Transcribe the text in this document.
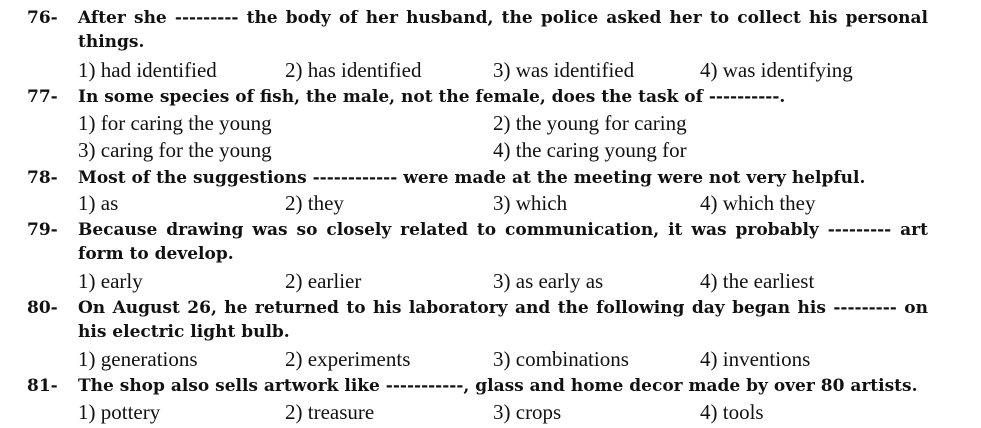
76- After she --------- the body of her husband, the police asked her to collect his personal things.
1) had identified	2) has identified	3) was identified	4) was identifying
77- In some species of fish, the male, not the female, does the task of ----------.
1) for caring the young	2) the young for caring
3) caring for the young	4) the caring young for
78- Most of the suggestions ------------ were made at the meeting were not very helpful.
1) as	2) they	3) which	4) which they
79- Because drawing was so closely related to communication, it was probably --------- art form to develop.
1) early	2) earlier	3) as early as	4) the earliest
80- On August 26, he returned to his laboratory and the following day began his --------- on his electric light bulb.
1) generations	2) experiments	3) combinations	4) inventions
81- The shop also sells artwork like -----------, glass and home decor made by over 80 artists.
1) pottery	2) treasure	3) crops	4) tools
